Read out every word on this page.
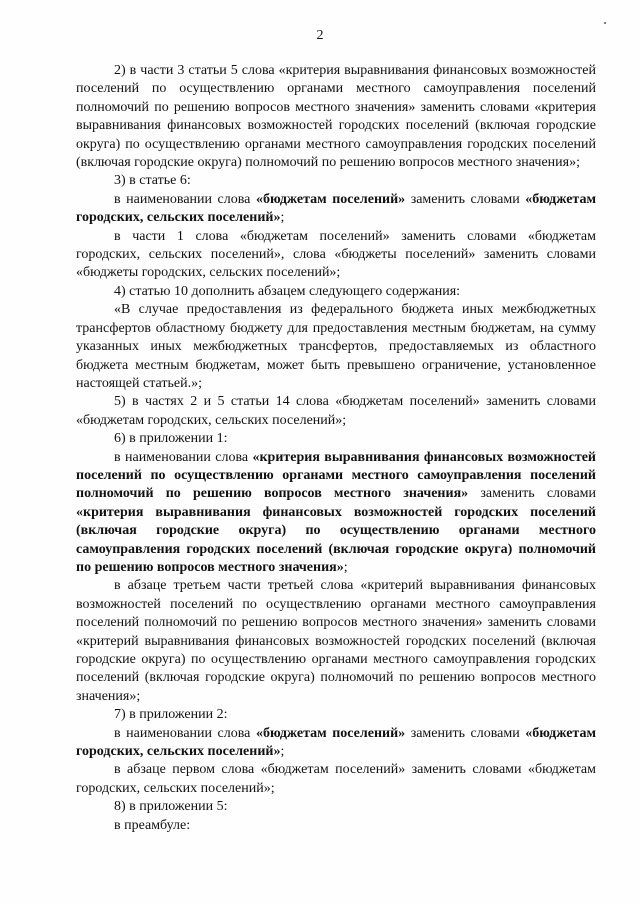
2

2) в части 3 статьи 5 слова «критерия выравнивания финансовых возможностей поселений по осуществлению органами местного самоуправления поселений полномочий по решению вопросов местного значения» заменить словами «критерия выравнивания финансовых возможностей городских поселений (включая городские округа) по осуществлению органами местного самоуправления городских поселений (включая городские округа) полномочий по решению вопросов местного значения»;

3) в статье 6:

в наименовании слова «бюджетам поселений» заменить словами «бюджетам городских, сельских поселений»;

в части 1 слова «бюджетам поселений» заменить словами «бюджетам городских, сельских поселений», слова «бюджеты поселений» заменить словами «бюджеты городских, сельских поселений»;

4) статью 10 дополнить абзацем следующего содержания:

«В случае предоставления из федерального бюджета иных межбюджетных трансфертов областному бюджету для предоставления местным бюджетам, на сумму указанных иных межбюджетных трансфертов, предоставляемых из областного бюджета местным бюджетам, может быть превышено ограничение, установленное настоящей статьей.»;

5) в частях 2 и 5 статьи 14 слова «бюджетам поселений» заменить словами «бюджетам городских, сельских поселений»;

6) в приложении 1:

в наименовании слова «критерия выравнивания финансовых возможностей поселений по осуществлению органами местного самоуправления поселений полномочий по решению вопросов местного значения» заменить словами «критерия выравнивания финансовых возможностей городских поселений (включая городские округа) по осуществлению органами местного самоуправления городских поселений (включая городские округа) полномочий по решению вопросов местного значения»;

в абзаце третьем части третьей слова «критерий выравнивания финансовых возможностей поселений по осуществлению органами местного самоуправления поселений полномочий по решению вопросов местного значения» заменить словами «критерий выравнивания финансовых возможностей городских поселений (включая городские округа) по осуществлению органами местного самоуправления городских поселений (включая городские округа) полномочий по решению вопросов местного значения»;

7) в приложении 2:

в наименовании слова «бюджетам поселений» заменить словами «бюджетам городских, сельских поселений»;

в абзаце первом слова «бюджетам поселений» заменить словами «бюджетам городских, сельских поселений»;

8) в приложении 5:

в преамбуле:
